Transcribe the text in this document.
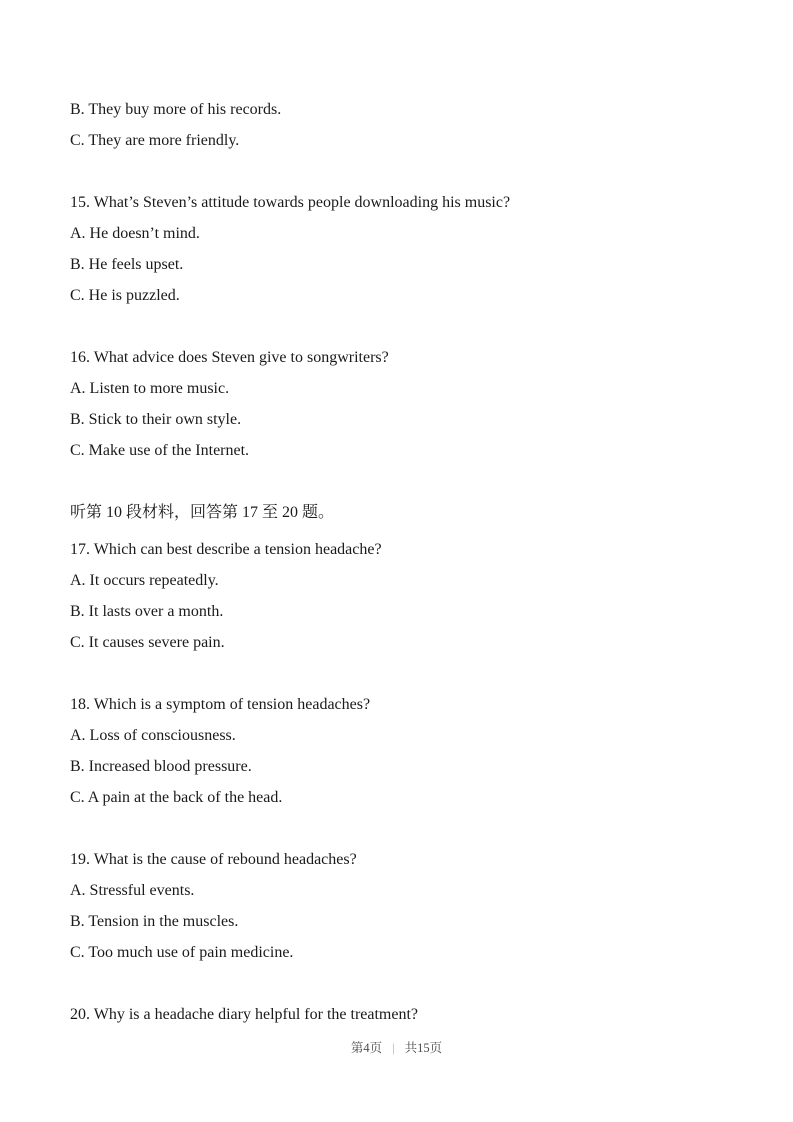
B. They buy more of his records.

C. They are more friendly.

15. What’s Steven’s attitude towards people downloading his music?

A. He doesn’t mind.

B. He feels upset.

C. He is puzzled.

16. What advice does Steven give to songwriters?

A. Listen to more music.

B. Stick to their own style.

C. Make use of the Internet.

听第 10 段材料，回答第 17 至 20 题。

17. Which can best describe a tension headache?

A. It occurs repeatedly.

B. It lasts over a month.

C. It causes severe pain.

18. Which is a symptom of tension headaches?

A. Loss of consciousness.

B. Increased blood pressure.

C. A pain at the back of the head.

19. What is the cause of rebound headaches?

A. Stressful events.

B. Tension in the muscles.

C. Too much use of pain medicine.

20. Why is a headache diary helpful for the treatment?

第4页 | 共15页
